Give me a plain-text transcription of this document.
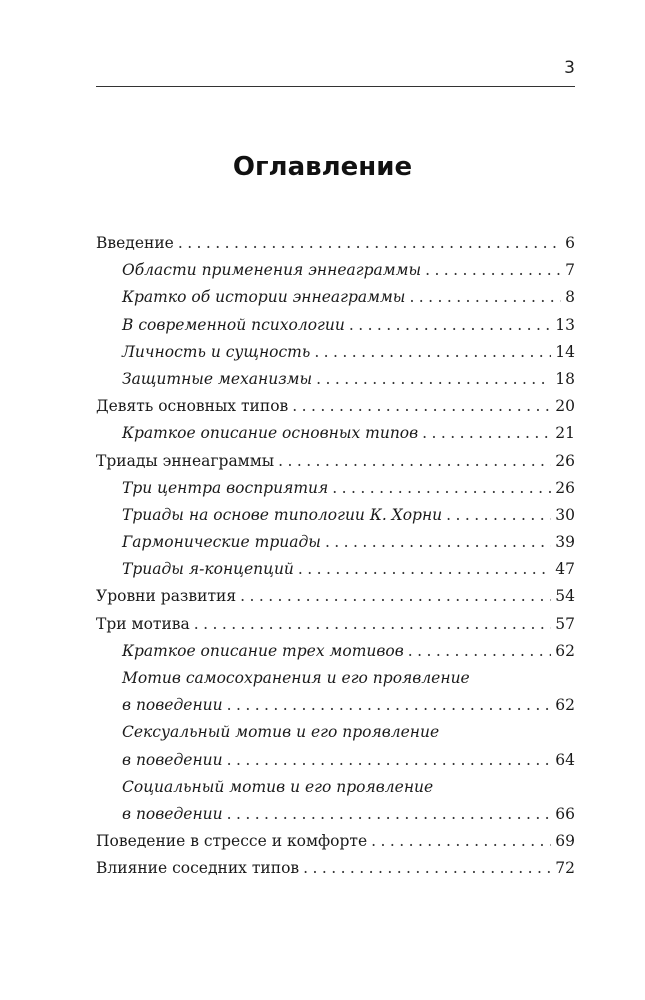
3
Оглавление
Введение . . .	6
Области применения эннеаграммы . . .	7
Кратко об истории эннеаграммы . . .	8
В современной психологии . . .	13
Личность и сущность . . .	14
Защитные механизмы . . .	18
Девять основных типов . . .	20
Краткое описание основных типов . . .	21
Триады эннеаграммы . . .	26
Три центра восприятия . . .	26
Триады на основе типологии К. Хорни . . .	30
Гармонические триады . . .	39
Триады я-концепций . . .	47
Уровни развития . . .	54
Три мотива . . .	57
Краткое описание трех мотивов . . .	62
Мотив самосохранения и его проявление
в поведении . . .	62
Сексуальный мотив и его проявление
в поведении . . .	64
Социальный мотив и его проявление
в поведении . . .	66
Поведение в стрессе и комфорте . . .	69
Влияние соседних типов . . .	72
